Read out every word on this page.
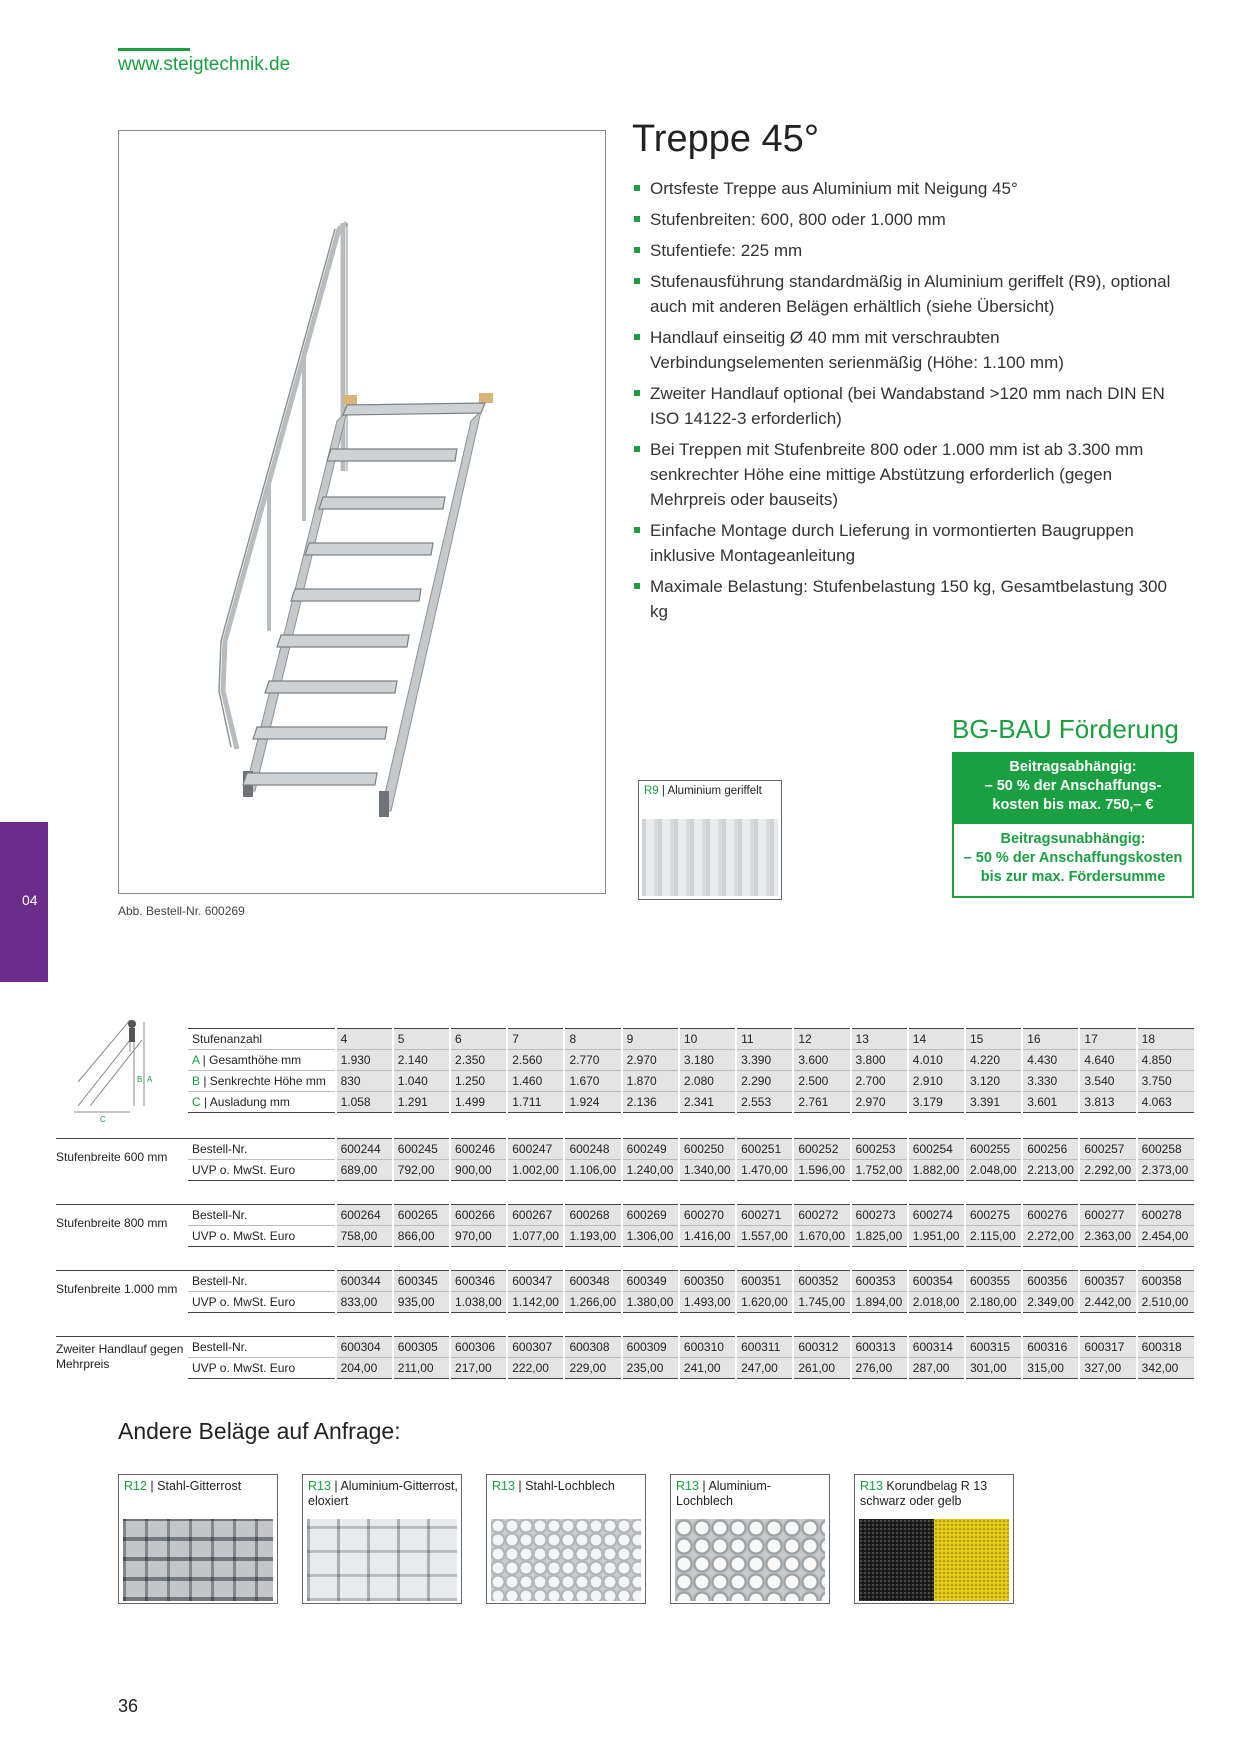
www.steigtechnik.de
04
Abb. Bestell-Nr. 600269
Treppe 45°
Ortsfeste Treppe aus Aluminium mit Neigung 45°
Stufenbreiten: 600, 800 oder 1.000 mm
Stufentiefe: 225 mm
Stufenausführung standardmäßig in Aluminium geriffelt (R9), optional auch mit anderen Belägen erhältlich (siehe Übersicht)
Handlauf einseitig Ø 40 mm mit verschraubten Verbindungselementen serienmäßig (Höhe: 1.100 mm)
Zweiter Handlauf optional (bei Wandabstand >120 mm nach DIN EN ISO 14122-3 erforderlich)
Bei Treppen mit Stufenbreite 800 oder 1.000 mm ist ab 3.300 mm senkrechter Höhe eine mittige Abstützung erforderlich (gegen Mehrpreis oder bauseits)
Einfache Montage durch Lieferung in vormontierten Baugruppen inklusive Montageanleitung
Maximale Belastung: Stufenbelastung 150 kg, Gesamtbelastung 300 kg
R9 | Aluminium geriffelt
BG-BAU Förderung
Beitragsabhängig:
– 50 % der Anschaffungs-kosten bis max. 750,– €
Beitragsunabhängig:
– 50 % der Anschaffungskosten bis zur max. Fördersumme
B A
C
Stufenanzahl	4	5	6	7	8	9	10	11	12	13	14	15	16	17	18
A | Gesamthöhe mm	1.930	2.140	2.350	2.560	2.770	2.970	3.180	3.390	3.600	3.800	4.010	4.220	4.430	4.640	4.850
B | Senkrechte Höhe mm	830	1.040	1.250	1.460	1.670	1.870	2.080	2.290	2.500	2.700	2.910	3.120	3.330	3.540	3.750
C | Ausladung mm	1.058	1.291	1.499	1.711	1.924	2.136	2.341	2.553	2.761	2.970	3.179	3.391	3.601	3.813	4.063
Stufenbreite 600 mm
Bestell-Nr.	600244	600245	600246	600247	600248	600249	600250	600251	600252	600253	600254	600255	600256	600257	600258
UVP o. MwSt. Euro	689,00	792,00	900,00	1.002,00	1.106,00	1.240,00	1.340,00	1.470,00	1.596,00	1.752,00	1.882,00	2.048,00	2.213,00	2.292,00	2.373,00
Stufenbreite 800 mm
Bestell-Nr.	600264	600265	600266	600267	600268	600269	600270	600271	600272	600273	600274	600275	600276	600277	600278
UVP o. MwSt. Euro	758,00	866,00	970,00	1.077,00	1.193,00	1.306,00	1.416,00	1.557,00	1.670,00	1.825,00	1.951,00	2.115,00	2.272,00	2.363,00	2.454,00
Stufenbreite 1.000 mm
Bestell-Nr.	600344	600345	600346	600347	600348	600349	600350	600351	600352	600353	600354	600355	600356	600357	600358
UVP o. MwSt. Euro	833,00	935,00	1.038,00	1.142,00	1.266,00	1.380,00	1.493,00	1.620,00	1.745,00	1.894,00	2.018,00	2.180,00	2.349,00	2.442,00	2.510,00
Zweiter Handlauf gegen Mehrpreis
Bestell-Nr.	600304	600305	600306	600307	600308	600309	600310	600311	600312	600313	600314	600315	600316	600317	600318
UVP o. MwSt. Euro	204,00	211,00	217,00	222,00	229,00	235,00	241,00	247,00	261,00	276,00	287,00	301,00	315,00	327,00	342,00
Andere Beläge auf Anfrage:
R12 | Stahl-Gitterrost	R13 | Aluminium-Gitterrost, eloxiert
R13 | Stahl-Lochblech	R13 | Aluminium-Lochblech
R13 Korundbelag R 13 schwarz oder gelb
36
